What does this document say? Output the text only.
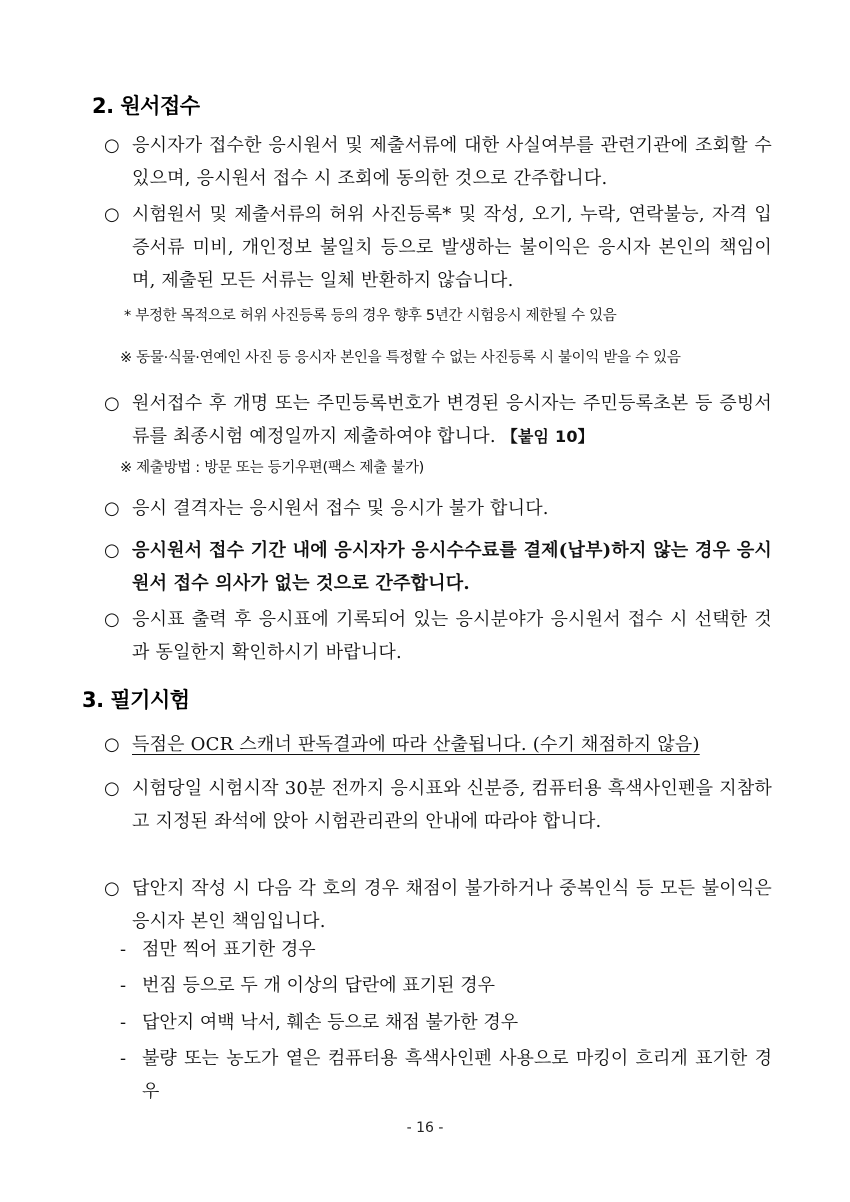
2. 원서접수
○ 응시자가 접수한 응시원서 및 제출서류에 대한 사실여부를 관련기관에 조회할 수 있으며, 응시원서 접수 시 조회에 동의한 것으로 간주합니다.
○ 시험원서 및 제출서류의 허위 사진등록* 및 작성, 오기, 누락, 연락불능, 자격 입증서류 미비, 개인정보 불일치 등으로 발생하는 불이익은 응시자 본인의 책임이며, 제출된 모든 서류는 일체 반환하지 않습니다.
* 부정한 목적으로 허위 사진등록 등의 경우 향후 5년간 시험응시 제한될 수 있음
※ 동물·식물·연예인 사진 등 응시자 본인을 특정할 수 없는 사진등록 시 불이익 받을 수 있음
○ 원서접수 후 개명 또는 주민등록번호가 변경된 응시자는 주민등록초본 등 증빙서류를 최종시험 예정일까지 제출하여야 합니다. 【붙임 10】
※ 제출방법 : 방문 또는 등기우편(팩스 제출 불가)
○ 응시 결격자는 응시원서 접수 및 응시가 불가 합니다.
○ 응시원서 접수 기간 내에 응시자가 응시수수료를 결제(납부)하지 않는 경우 응시원서 접수 의사가 없는 것으로 간주합니다.
○ 응시표 출력 후 응시표에 기록되어 있는 응시분야가 응시원서 접수 시 선택한 것과 동일한지 확인하시기 바랍니다.
3. 필기시험
○ 득점은 OCR 스캐너 판독결과에 따라 산출됩니다. (수기 채점하지 않음)
○ 시험당일 시험시작 30분 전까지 응시표와 신분증, 컴퓨터용 흑색사인펜을 지참하고 지정된 좌석에 앉아 시험관리관의 안내에 따라야 합니다.
○ 답안지 작성 시 다음 각 호의 경우 채점이 불가하거나 중복인식 등 모든 불이익은 응시자 본인 책임입니다.
- 점만 찍어 표기한 경우
- 번짐 등으로 두 개 이상의 답란에 표기된 경우
- 답안지 여백 낙서, 훼손 등으로 채점 불가한 경우
- 불량 또는 농도가 옅은 컴퓨터용 흑색사인펜 사용으로 마킹이 흐리게 표기한 경우
- 16 -
